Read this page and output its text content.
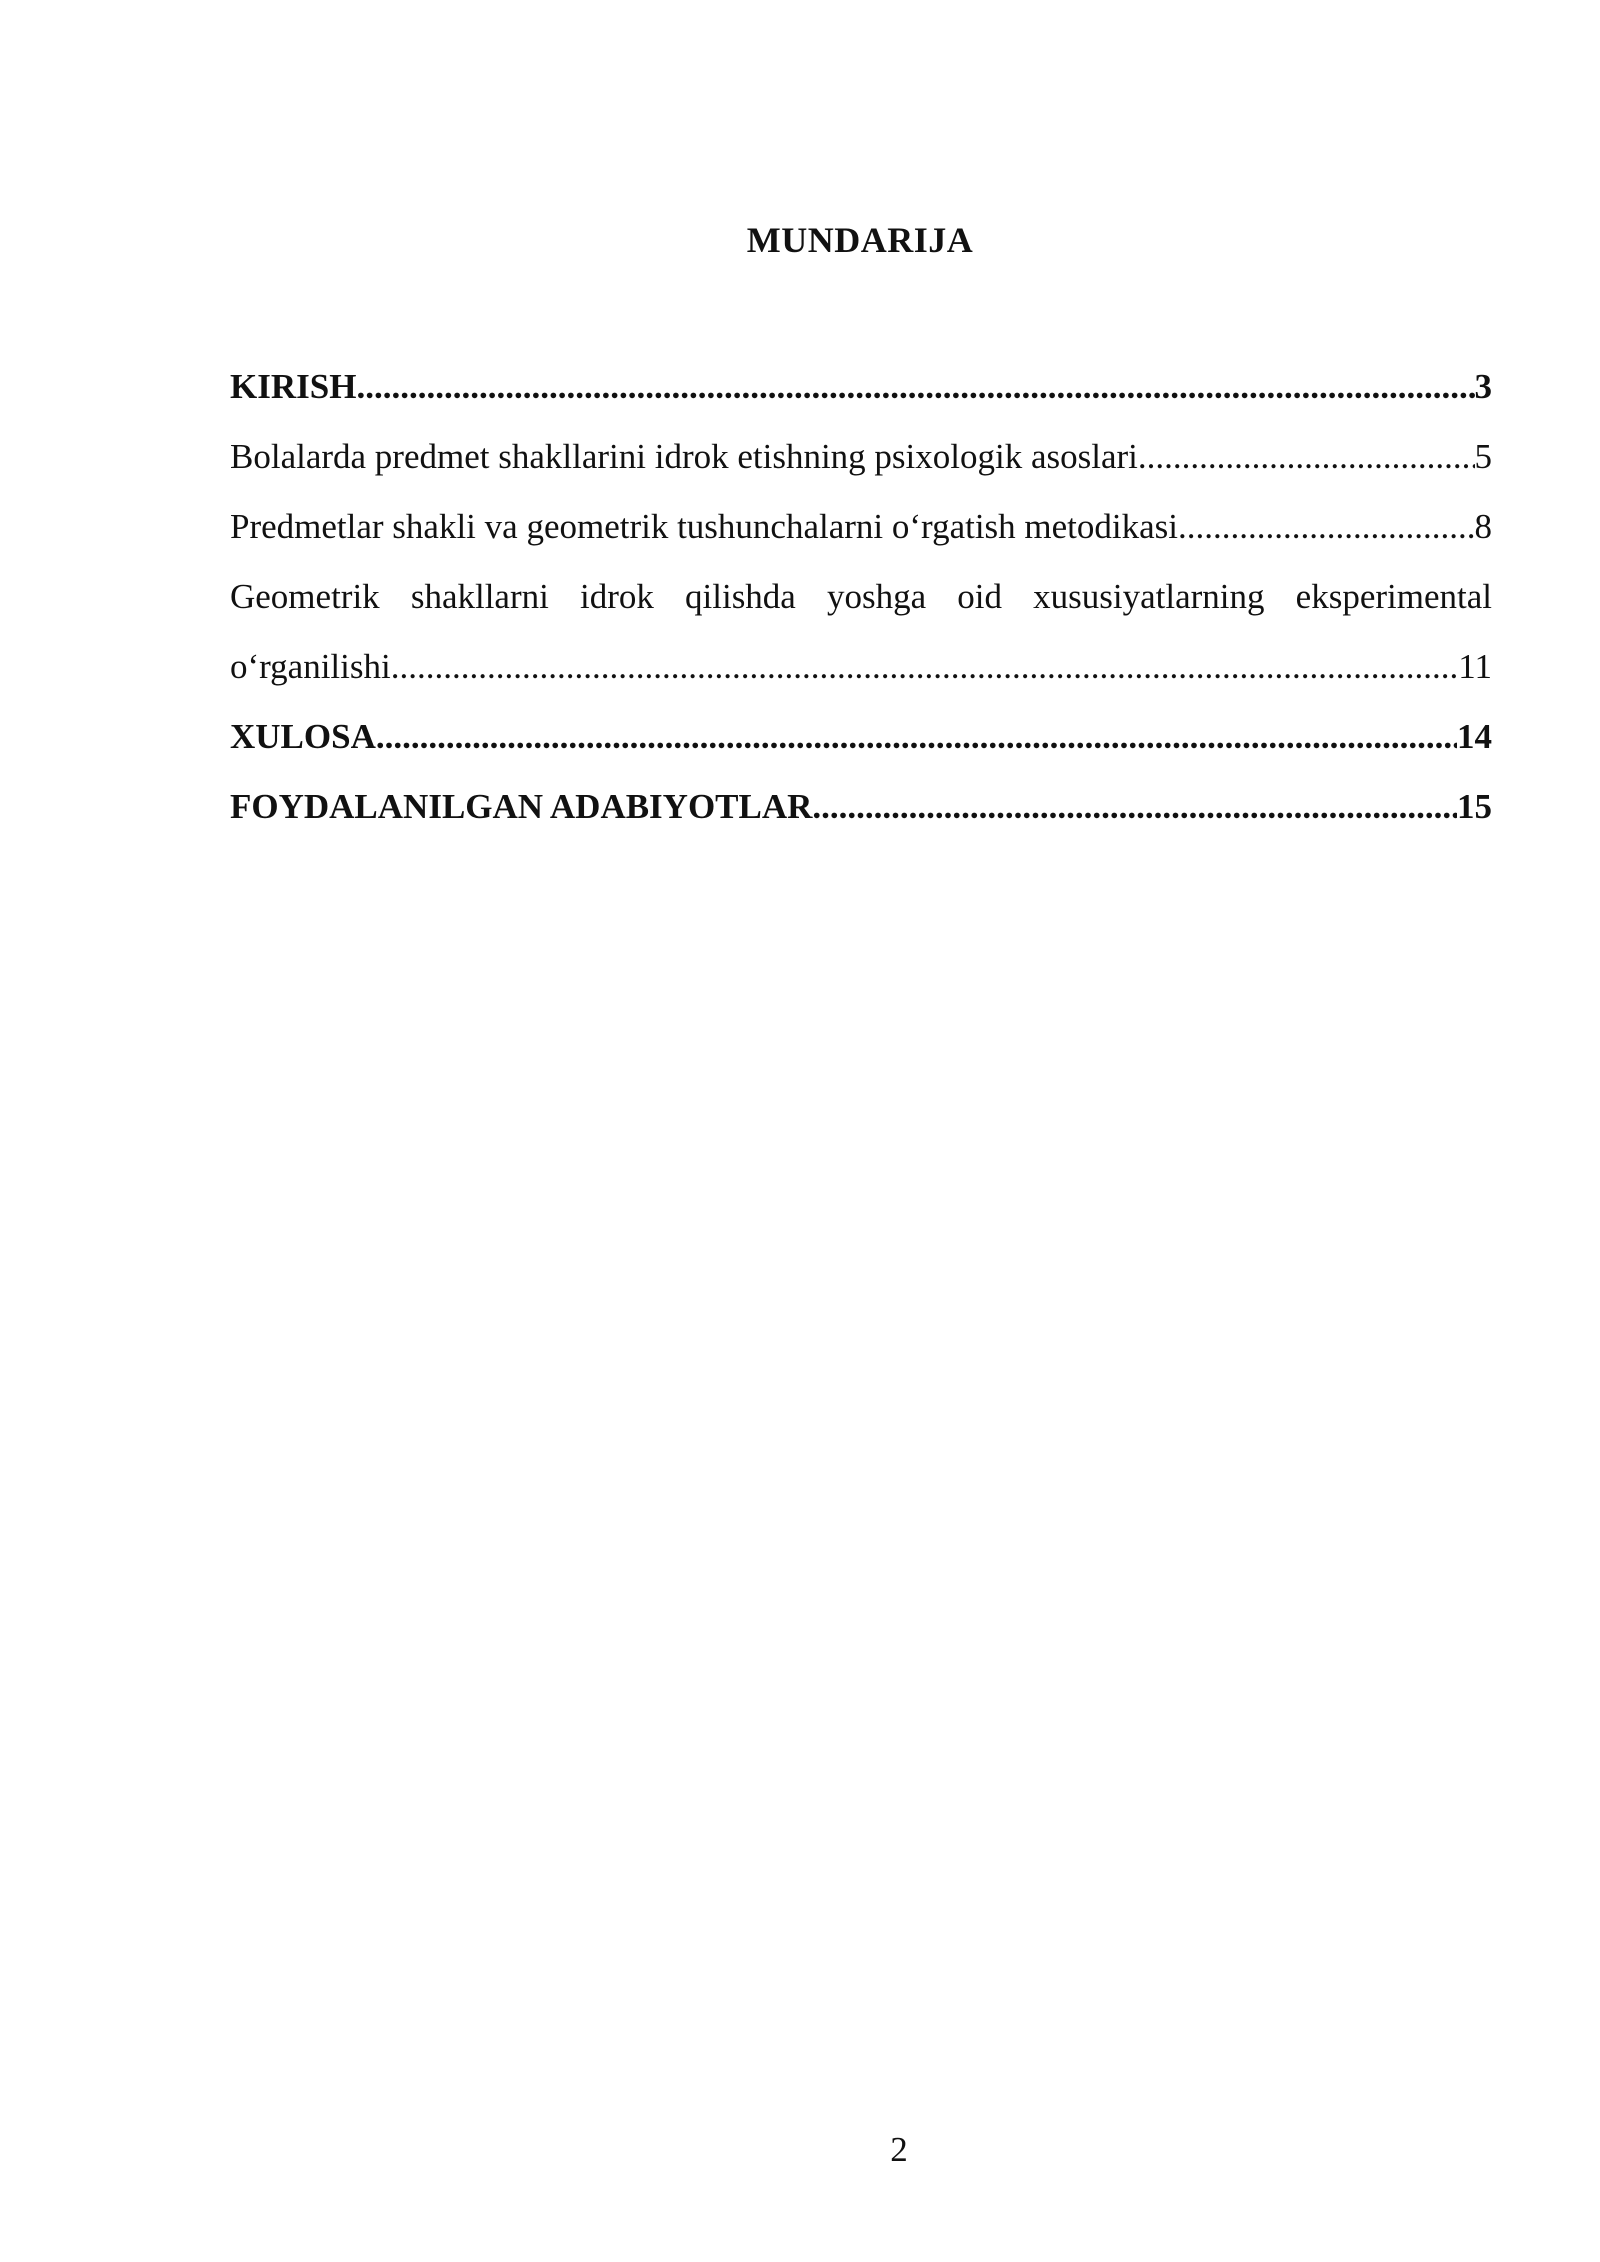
MUNDARIJA
KIRISH .....	3
Bolalarda predmet shakllarini idrok etishning psixologik asoslari .....	5
Predmetlar shakli va geometrik tushunchalarni o‘rgatish metodikasi .....	8
Geometrik shakllarni idrok qilishda yoshga oid xususiyatlarning eksperimental
o‘rganilishi .....	11
XULOSA .....	14
FOYDALANILGAN ADABIYOTLAR .....	15
2
